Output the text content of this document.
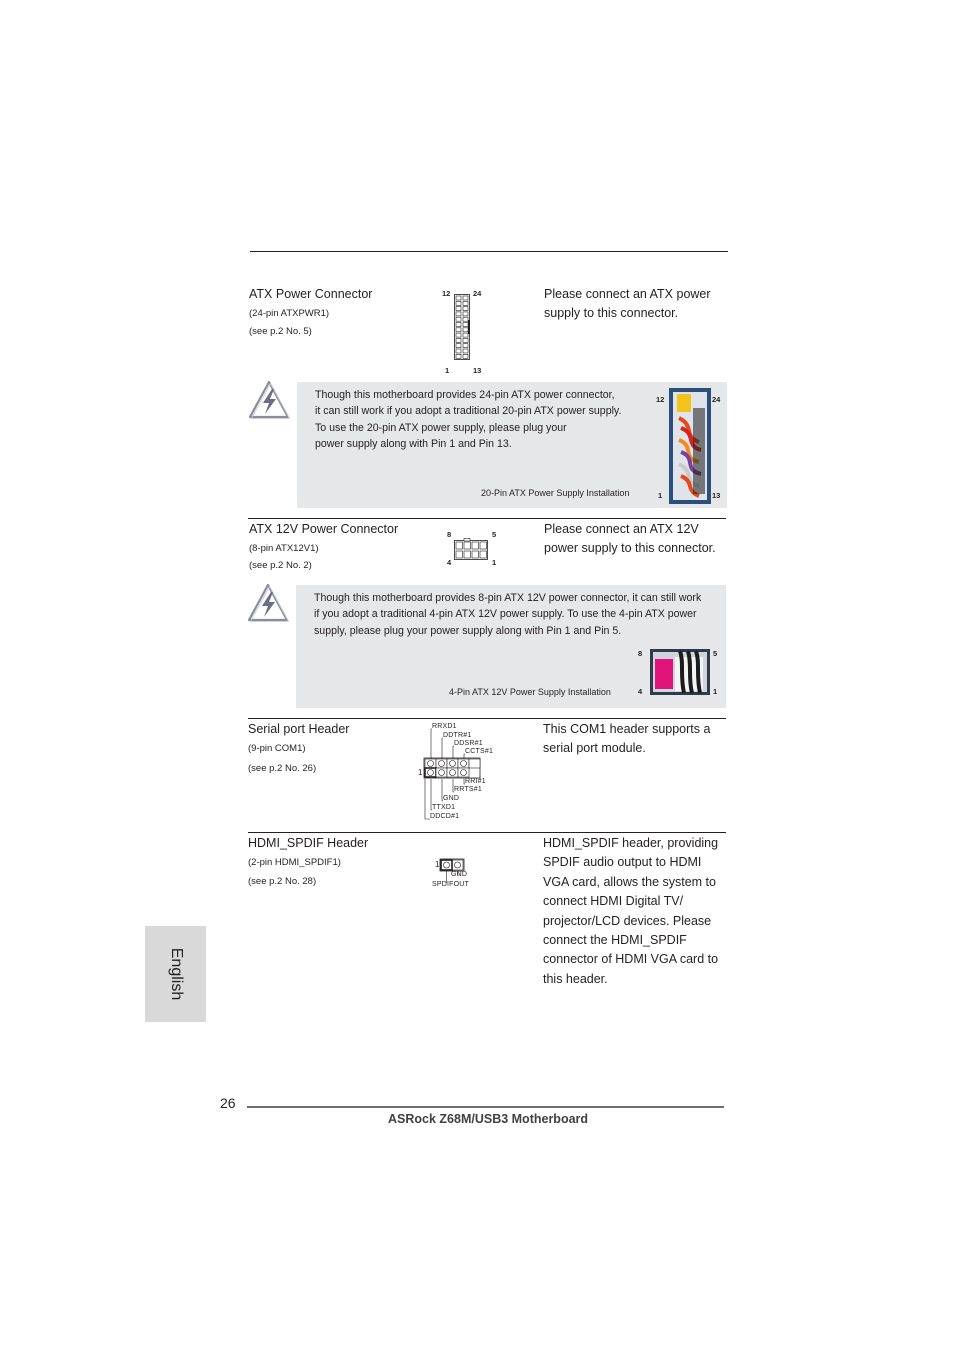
ATX Power Connector
(24-pin ATXPWR1)
(see p.2 No. 5)
12	24
1	13
Please connect an ATX power
supply to this connector.
Though this motherboard provides 24-pin ATX power connector,
it can still work if you adopt a traditional 20-pin ATX power supply.
To use the 20-pin ATX power supply, please plug your
power supply along with Pin 1 and Pin 13.
20-Pin ATX Power Supply Installation
12	24
1	13
ATX 12V Power Connector
(8-pin ATX12V1)
(see p.2 No. 2)
8	5
4	1
Please connect an ATX 12V
power supply to this connector.
Though this motherboard provides 8-pin ATX 12V power connector, it can still work
if you adopt a traditional 4-pin ATX 12V power supply. To use the 4-pin ATX power
supply, please plug your power supply along with Pin 1 and Pin 5.
4-Pin ATX 12V Power Supply Installation
8	5
4	1
Serial port Header
(9-pin COM1)
(see p.2 No. 26)	1
RRXD1
DDTR#1
DDSR#1
CCTS#1
RRI#1
RRTS#1
GND
TTXD1
DDCD#1
This COM1 header supports a
serial port module.
HDMI_SPDIF Header
(2-pin HDMI_SPDIF1)
(see p.2 No. 28)
1
GND
SPDIFOUT
HDMI_SPDIF header, providing
SPDIF audio output to HDMI
VGA card, allows the system to
connect HDMI Digital TV/
projector/LCD devices. Please
connect the HDMI_SPDIF
connector of HDMI VGA card to
this header.
English
26
ASRock Z68M/USB3 Motherboard
